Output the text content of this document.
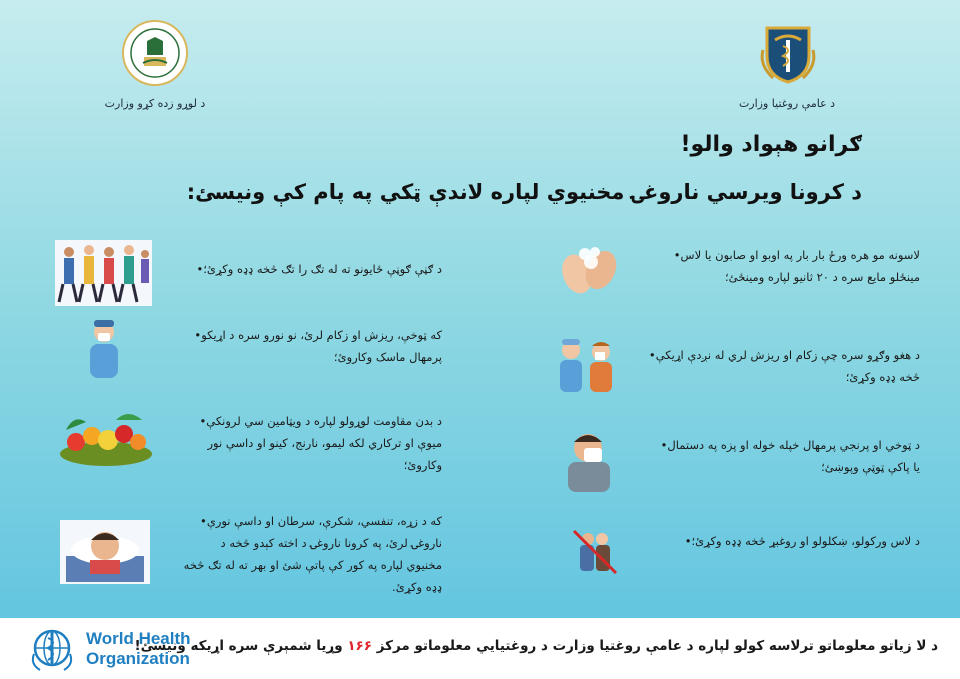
د لوړو زده کړو وزارت	د عامې روغتیا وزارت
ګرانو هېواد والو!
د کرونا ویرسي ناروغۍ مخنیوي لپاره لاندې ټکي په پام کې ونیسئ:
لاسونه مو هره ورځ بار بار په اوبو او صابون یا لاس•
مینځلو مایع سره د ۲۰ ثانیو لپاره ومینځئ؛
د هغو وګړو سره چې زکام او ریزش لري له نږدې اړیکې•
څخه ډډه وکړئ؛
د ټوخي او پرنجي پرمهال خپله خوله او پزه په دستمال•
یا پاکې ټوټې وپوښئ؛
د لاس ورکولو، ښکلولو او روغبړ څخه ډډه وکړئ؛•
د ګڼې ګوڼې ځایونو ته له تګ را تګ څخه ډډه وکړئ؛•
که ټوخې، ریزش او زکام لرئ، نو نورو سره د اړیکو•
پرمهال ماسک وکاروئ؛
د بدن مقاومت لوړولو لپاره د ویټامین سي لرونکې•
میوې او ترکاري لکه لیمو، نارنج، کینو او داسې نور
وکاروئ؛
که د زړه، تنفسي، شکرې، سرطان او داسې نورې•
ناروغۍ لرئ، په کرونا ناروغۍ د اخته کېدو څخه د
مخنیوي لپاره په کور کې پاتې شئ او بهر ته له تګ څخه
ډډه وکړئ.
World Health
Organization
د لا زیاتو معلوماتو ترلاسه کولو لپاره د عامې روغتیا وزارت د روغتیایي معلوماتو مرکز ۱۶۶ وړیا شمېرې سره اړیکه ونیسئ!
